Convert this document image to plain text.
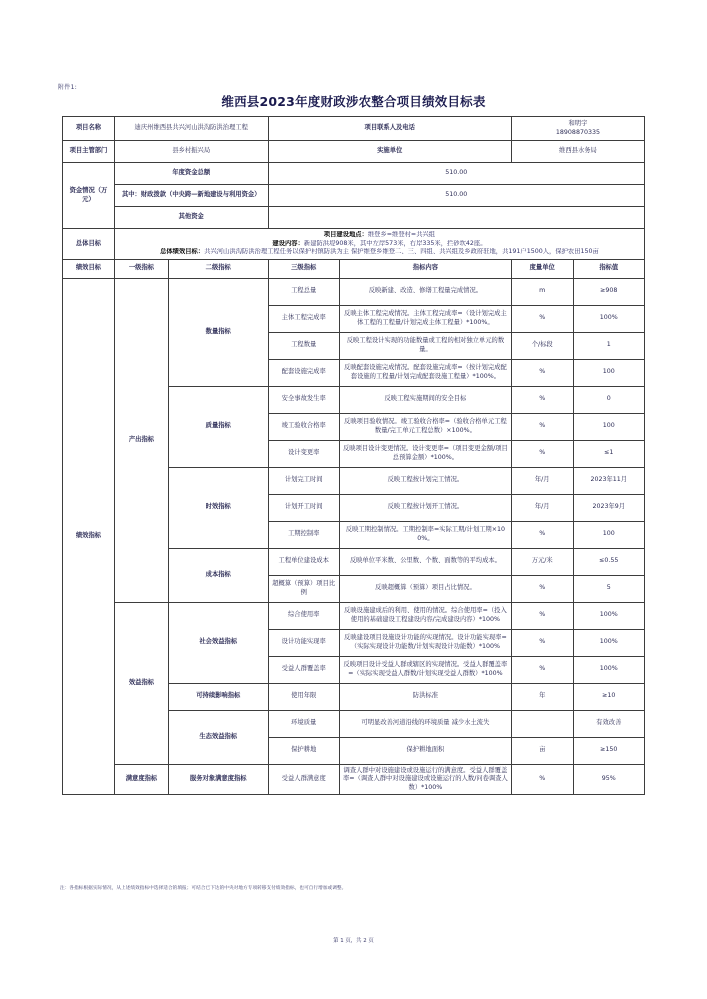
附件1:
维西县2023年度财政涉农整合项目绩效目标表
项目名称	迪庆州维西县共兴河山洪沟防洪治理工程		项目联系人及电话		和明宇
18908870335	

项目主管部门	县乡村振兴局		实施单位		维西县水务局	
资金情况（万元）	年度资金总额		510.00			
	其中：财政拨款（中央跨—新地建设与利用资金）		510.00			
	其他资金					
总体目标	项目建设地点：维登乡=维登村=共兴组
建设内容：新建防洪堤908米，其中左岸573米，右岸335米，拦砂坎42座。
总体绩效目标：共兴河山洪沟防洪治理工程任务以保护村镇防洪为主 保护维登乡维登二、三、四组、共兴组及乡政府驻地，共191户1500人，保护农田150亩					

绩效目标	一级指标	二级指标	三级指标	指标内容	度量单位	指标值
绩效指标	产出指标	数量指标	工程总量	反映新建、改造、修缮工程量完成情况。	m	≥908
			主体工程完成率	反映主体工程完成情况。主体工程完成率=（设计划完成主体工程的工程量/计划完成主体工程量）*100%。	%	100%
			工程数量	反映工程设计实现的功能数量或工程的相对独立单元的数量。	个/标段	1
			配套设施完成率	反映配套设施完成情况。配套设施完成率=（按计划完成配套设施的工程量/计划完成配套设施工程量）*100%。	%	100
		质量指标	安全事故发生率	反映工程实施期间的安全目标	%	0
			竣工验收合格率	反映项目验收情况。竣工验收合格率=（验收合格单元工程数量/完工单元工程总数）×100%。	%	100
			设计变更率	反映项目设计变更情况。设计变更率=（项目变更金额/项目总预算金额）*100%。	%	≤1
		时效指标	计划完工时间	反映工程按计划完工情况。	年/月	2023年11月
			计划开工时间	反映工程按计划开工情况。	年/月	2023年9月
			工期控制率	反映工期控制情况。工期控制率=实际工期/计划工期×100%。	%	100
		成本指标	工程单位建设成本	反映单位平米数、公里数、个数、面数等的平均成本。	万元/米	≤0.55
			超概算（预算）项目比例	反映超概算（预算）项目占比情况。	%	5
	效益指标	社会效益指标	综合使用率	反映设施建成后的利用、使用的情况。综合使用率=（投入使用的基础建设工程建设内容/完成建设内容）*100%	%	100%
			设计功能实现率	反映建设项目设施设计功能的实现情况。设计功能实现率=（实际实现设计功能数/计划实现设计功能数）*100%	%	100%
			受益人群覆盖率	反映项目设计受益人群或辖区的实现情况。受益人群覆盖率=（实际实现受益人群数/计划实现受益人群数）*100%	%	100%
		可持续影响指标	使用年限	防洪标准	年	≥10
		生态效益指标	环境质量	可明显改善河道沿线的环境质量 减少水土流失		有效改善
			保护耕地	保护耕地面积	亩	≥150
	满意度指标	服务对象满意度指标	受益人群满意度	调查人群中对设施建设或设施运行的满意度。受益人群覆盖率=（调查人群中对设施建设或设施运行的人数/问卷调查人数）*100%	%	95%
注：各指标根据实际情况，从上述绩效指标中选择适合的填报；可结合已下达的中央对地方专项转移支付绩效指标，也可自行增加或调整。
第 1 页，共 2 页
